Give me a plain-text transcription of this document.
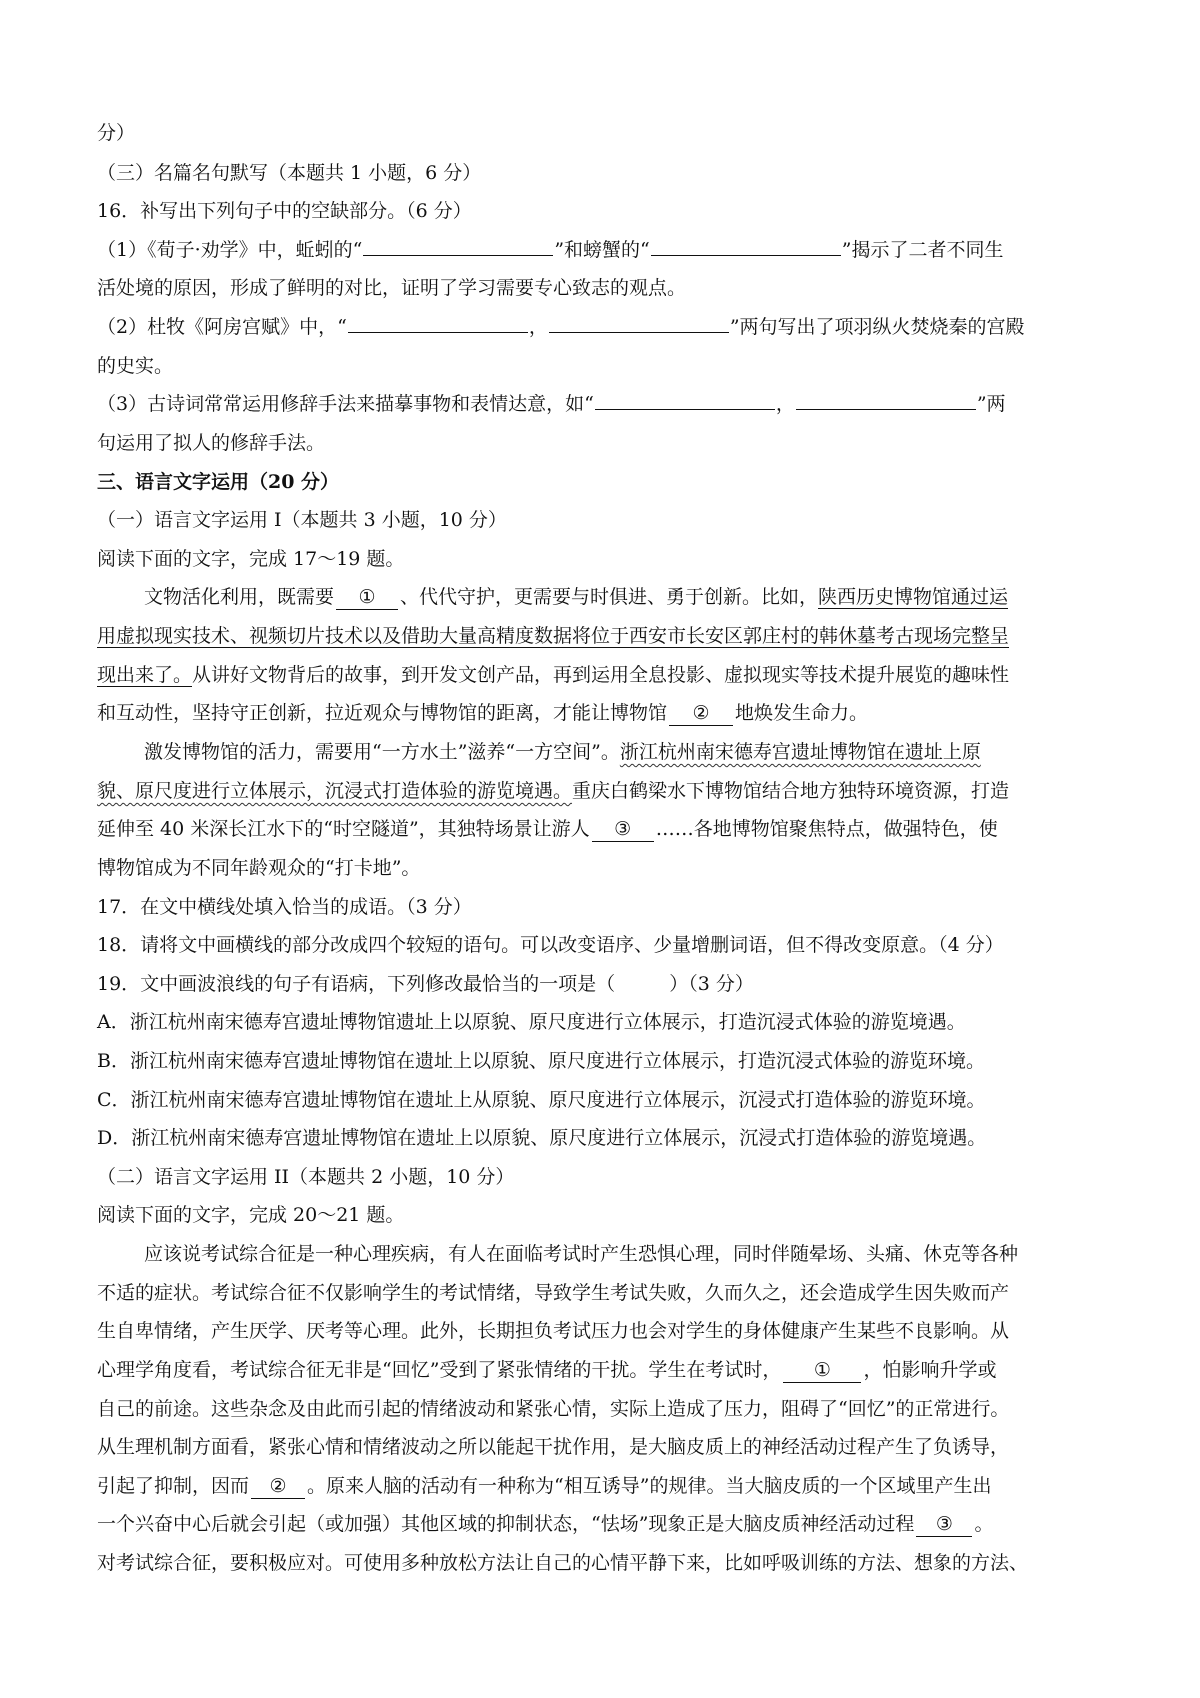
分）
（三）名篇名句默写（本题共 1 小题，6 分）
16．补写出下列句子中的空缺部分。（6 分）
（1）《荀子·劝学》中，蚯蚓的“	”和螃蟹的“	”揭示了二者不同生
活处境的原因，形成了鲜明的对比，证明了学习需要专心致志的观点。
（2）杜牧《阿房宫赋》中，“	，	”两句写出了项羽纵火焚烧秦的宫殿
的史实。
（3）古诗词常常运用修辞手法来描摹事物和表情达意，如“	，	”两
句运用了拟人的修辞手法。
三、语言文字运用（20 分）
（一）语言文字运用 I（本题共 3 小题，10 分）
阅读下面的文字，完成 17～19 题。
文物活化利用，既需要 ① 、代代守护，更需要与时俱进、勇于创新。比如，陕西历史博物馆通过运
用虚拟现实技术、视频切片技术以及借助大量高精度数据将位于西安市长安区郭庄村的韩休墓考古现场完整呈
现出来了。从讲好文物背后的故事，到开发文创产品，再到运用全息投影、虚拟现实等技术提升展览的趣味性
和互动性，坚持守正创新，拉近观众与博物馆的距离，才能让博物馆 ② 地焕发生命力。
激发博物馆的活力，需要用“一方水土”滋养“一方空间”。浙江杭州南宋德寿宫遗址博物馆在遗址上原
貌、原尺度进行立体展示，沉浸式打造体验的游览境遇。重庆白鹤梁水下博物馆结合地方独特环境资源，打造
延伸至 40 米深长江水下的“时空隧道”，其独特场景让游人 ③ ……各地博物馆聚焦特点，做强特色，使
博物馆成为不同年龄观众的“打卡地”。
17．在文中横线处填入恰当的成语。（3 分）
18．请将文中画横线的部分改成四个较短的语句。可以改变语序、少量增删词语，但不得改变原意。（4 分）
19．文中画波浪线的句子有语病，下列修改最恰当的一项是（	）（3 分）
A．浙江杭州南宋德寿宫遗址博物馆遗址上以原貌、原尺度进行立体展示，打造沉浸式体验的游览境遇。
B．浙江杭州南宋德寿宫遗址博物馆在遗址上以原貌、原尺度进行立体展示，打造沉浸式体验的游览环境。
C．浙江杭州南宋德寿宫遗址博物馆在遗址上从原貌、原尺度进行立体展示，沉浸式打造体验的游览环境。
D．浙江杭州南宋德寿宫遗址博物馆在遗址上以原貌、原尺度进行立体展示，沉浸式打造体验的游览境遇。
（二）语言文字运用 II（本题共 2 小题，10 分）
阅读下面的文字，完成 20～21 题。
应该说考试综合征是一种心理疾病，有人在面临考试时产生恐惧心理，同时伴随晕场、头痛、休克等各种
不适的症状。考试综合征不仅影响学生的考试情绪，导致学生考试失败，久而久之，还会造成学生因失败而产
生自卑情绪，产生厌学、厌考等心理。此外，长期担负考试压力也会对学生的身体健康产生某些不良影响。从
心理学角度看，考试综合征无非是“回忆”受到了紧张情绪的干扰。学生在考试时， ① ，怕影响升学或
自己的前途。这些杂念及由此而引起的情绪波动和紧张心情，实际上造成了压力，阻碍了“回忆”的正常进行。
从生理机制方面看，紧张心情和情绪波动之所以能起干扰作用，是大脑皮质上的神经活动过程产生了负诱导，
引起了抑制，因而 ② 。原来人脑的活动有一种称为“相互诱导”的规律。当大脑皮质的一个区域里产生出
一个兴奋中心后就会引起（或加强）其他区域的抑制状态，“怯场”现象正是大脑皮质神经活动过程 ③ 。
对考试综合征，要积极应对。可使用多种放松方法让自己的心情平静下来，比如呼吸训练的方法、想象的方法、
